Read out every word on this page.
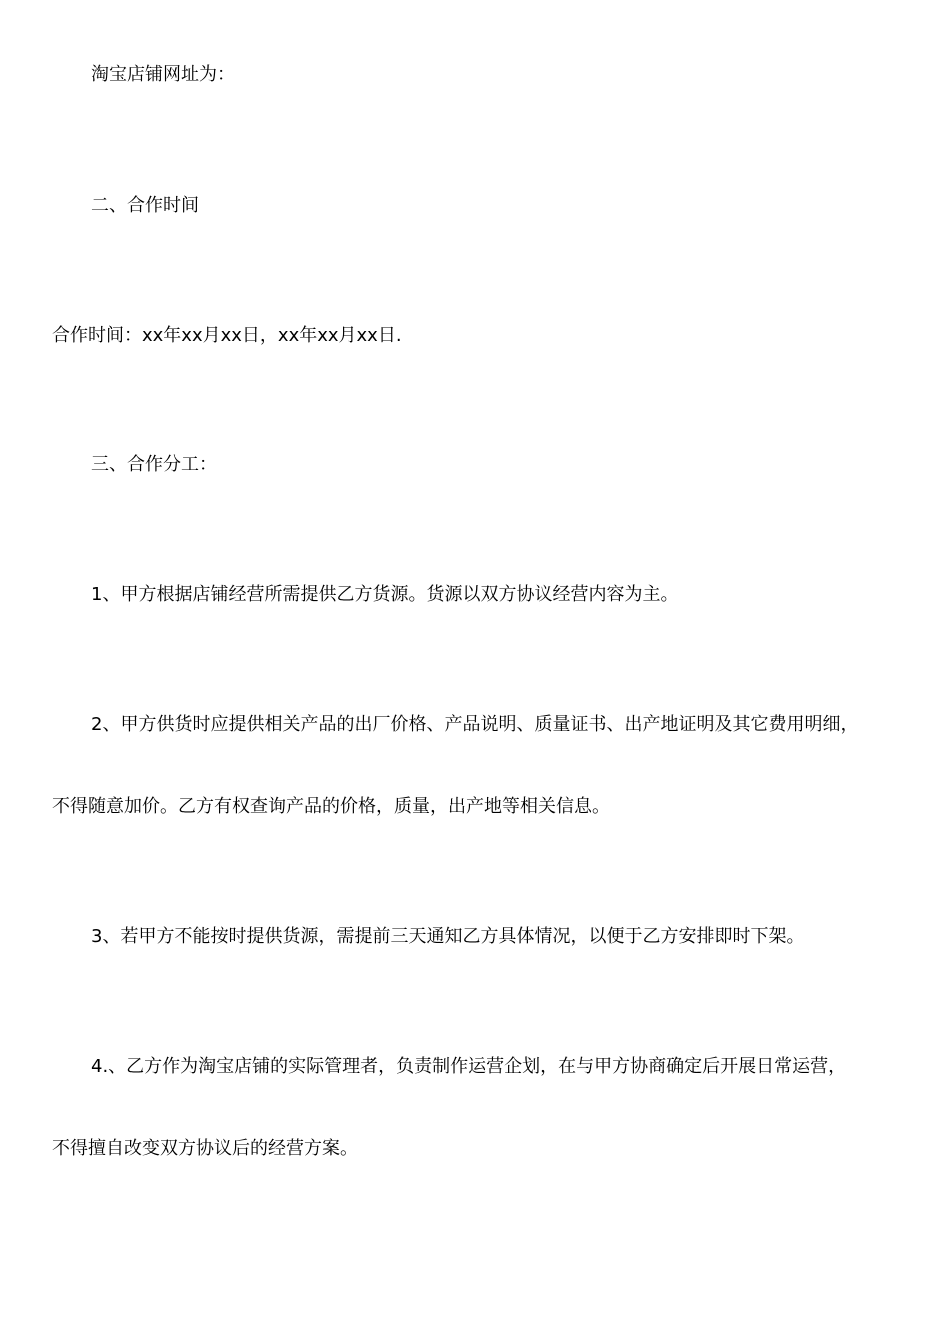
淘宝店铺网址为：
二、合作时间
合作时间：xx年xx月xx日，xx年xx月xx日.
三、合作分工：
1、甲方根据店铺经营所需提供乙方货源。货源以双方协议经营内容为主。
2、甲方供货时应提供相关产品的出厂价格、产品说明、质量证书、出产地证明及其它费用明细，
不得随意加价。乙方有权查询产品的价格，质量，出产地等相关信息。
3、若甲方不能按时提供货源，需提前三天通知乙方具体情况，以便于乙方安排即时下架。
4.、乙方作为淘宝店铺的实际管理者，负责制作运营企划，在与甲方协商确定后开展日常运营，
不得擅自改变双方协议后的经营方案。
